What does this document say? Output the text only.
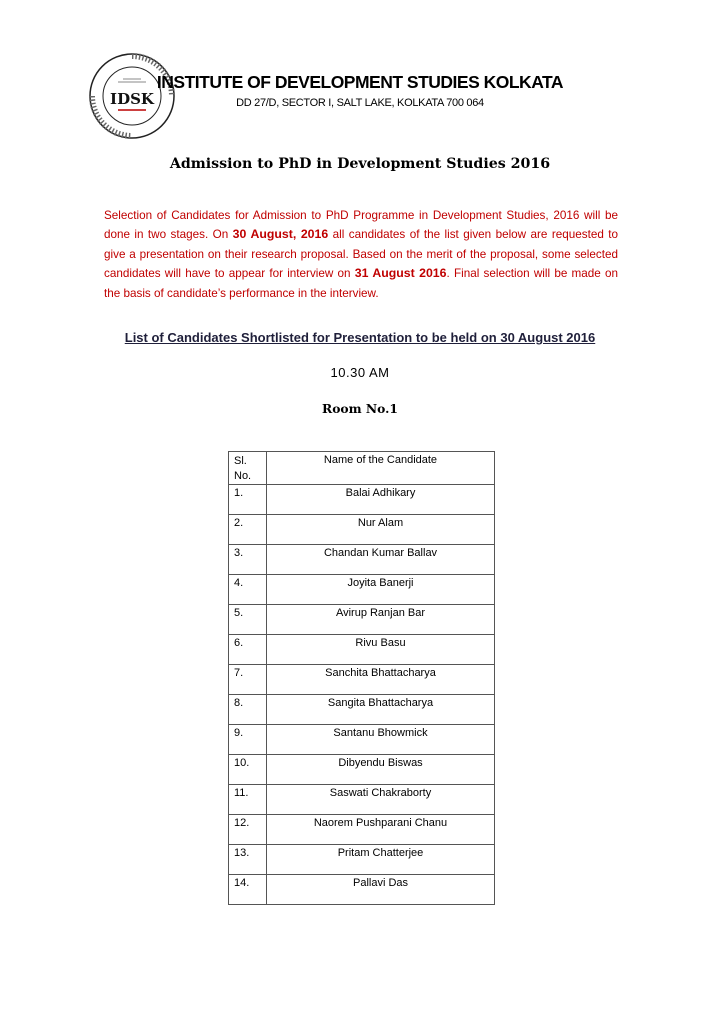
IDSK
INSTITUTE OF DEVELOPMENT STUDIES KOLKATA
DD 27/D, SECTOR I, SALT LAKE, KOLKATA 700 064
Admission to PhD in Development Studies 2016

Selection of Candidates for Admission to PhD Programme in Development Studies, 2016 will be done in two stages. On 30 August, 2016 all candidates of the list given below are requested to give a presentation on their research proposal. Based on the merit of the proposal, some selected candidates will have to appear for interview on 31 August 2016. Final selection will be made on the basis of candidate’s performance in the interview.

List of Candidates Shortlisted for Presentation to be held on 30 August 2016
10.30 AM
Room No.1
Sl. No.	Name of the Candidate
1.	Balai Adhikary
2.	Nur Alam
3.	Chandan Kumar Ballav
4.	Joyita Banerji
5.	Avirup Ranjan Bar
6.	Rivu Basu
7.	Sanchita Bhattacharya
8.	Sangita Bhattacharya
9.	Santanu Bhowmick
10.	Dibyendu Biswas
11.	Saswati Chakraborty
12.	Naorem Pushparani Chanu
13.	Pritam Chatterjee
14.	Pallavi Das
